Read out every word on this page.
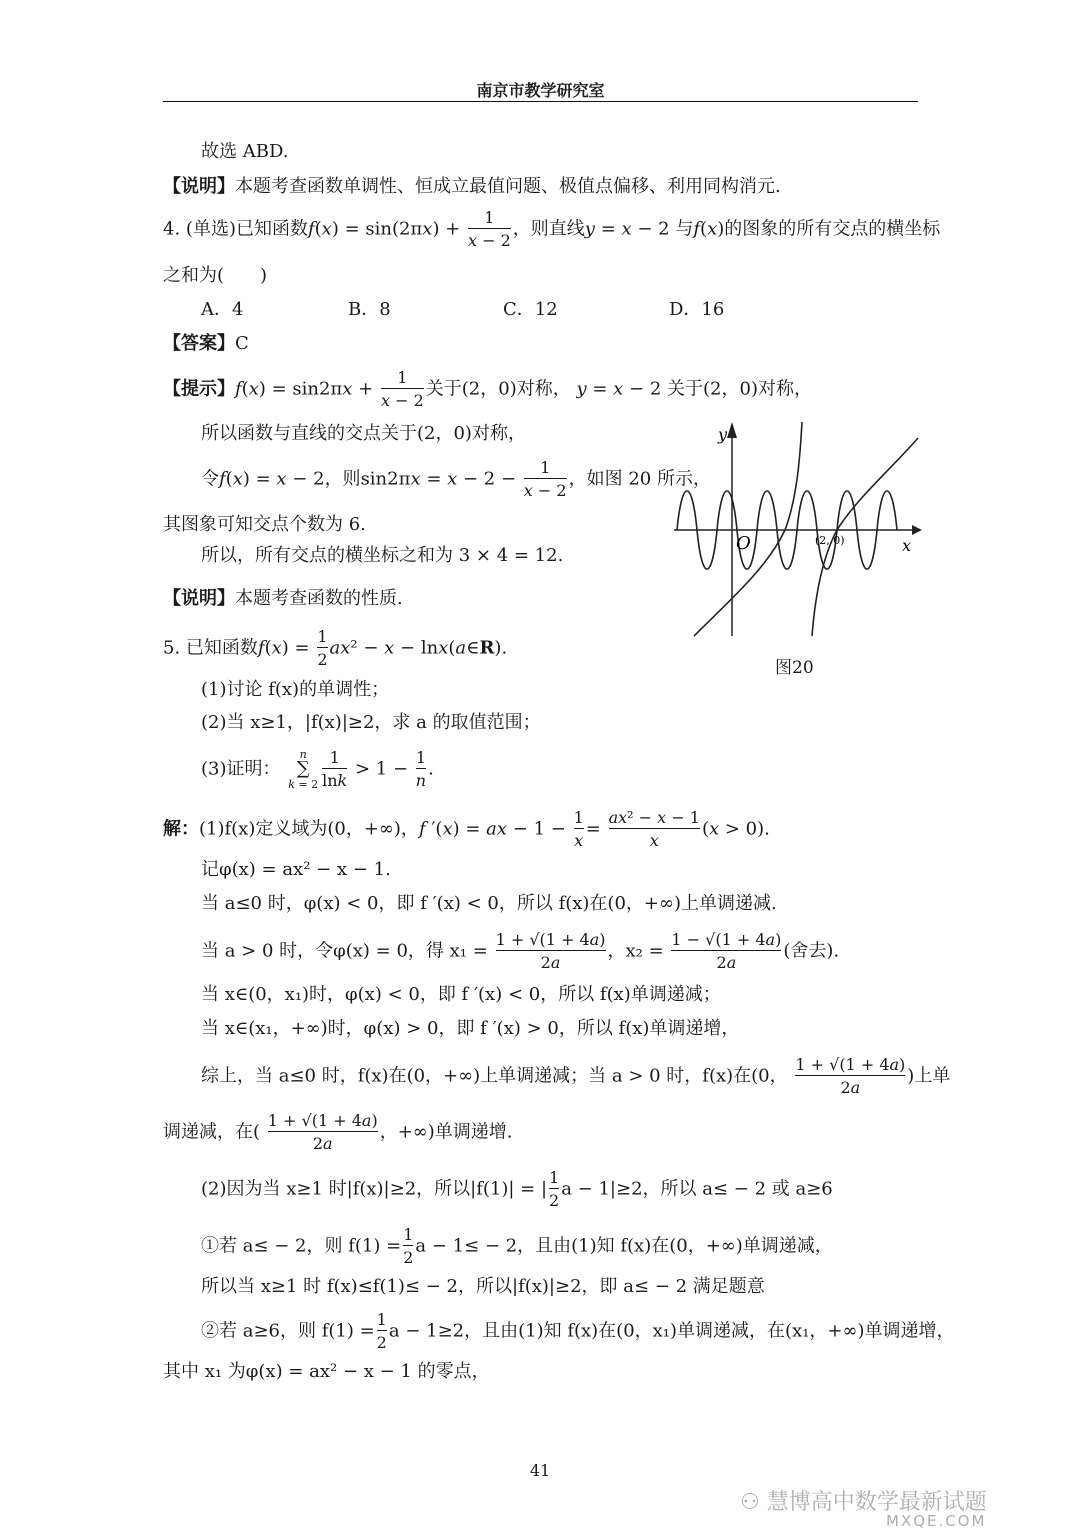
南京市教学研究室
故选 ABD.
【说明】本题考查函数单调性、恒成立最值问题、极值点偏移、利用同构消元.
4. (单选)已知函数$f(x) = \sin(2\pi x) + \frac{1}{x - 2}$ ，则直线y = x − 2 与f(x)的图象的所有交点的横坐标
之和为(　　)
A．4	B．8	C．12	D．16
【答案】C
【提示】$f(x) = \sin 2\pi x + \frac{1}{x - 2}$ 关于(2，0)对称， y = x − 2 关于(2，0)对称，
所以函数与直线的交点关于(2，0)对称，
令f(x) = x − 2，则$\sin 2\pi x = x - 2 - \frac{1}{x - 2}$ ，如图 20 所示，
其图象可知交点个数为 6.
所以，所有交点的横坐标之和为 3 × 4 = 12.
【说明】本题考查函数的性质.
y
x
O	(2, 0)
图20
5. 已知函数$f(x) = \frac{1}{2} ax^2 - x$ − lnx(a∈R).
(1)讨论 f(x)的单调性；
(2)当 x≥1，|f(x)|≥2，求 a 的取值范围；
(3)证明： n
∑
$k = 2 \frac{1}{\ln k} > 1 - \frac{1}{n}$ .
解：(1)f(x)定义域为(0，+∞)，f ′(x) = ax − $1 - \frac{1}{x} = \frac{\text{ax² − x − 1}}{x} (x > 0)$.
记φ(x) = ax² − x − 1.
当 a≤0 时，φ(x) < 0，即 f ′(x) < 0，所以 f(x)在(0，+∞)上单调递减.
当 a > 0 时，令φ(x) = 0，得 $x_1 = \frac{1 + √(1 + 4a)}{2a}$ ，$x_2 = \frac{1 - √(1 + 4a)}{2a}$ (舍去).
当 x∈(0，x₁)时，φ(x) < 0，即 f ′(x) < 0，所以 f(x)单调递减；
当 x∈(x₁，+∞)时，φ(x) > 0，即 f ′(x) > 0，所以 f(x)单调递增，
综上，当 a≤0 时，f(x)在(0，+∞)上单调递减；当 a > 0 时，f(x)在(0， $\frac{1 + √(1 + 4a)}{2a}$ )上单
调递减，在( $\frac{1 + √(1 + 4a)}{2a}$ ，+∞)单调递增.
(2)因为当 x≥1 时|f(x)|≥2，所以|f(1)| = | $\frac{1}{2}$ a − 1|≥2，所以 a≤ − 2 或 a≥6
①若 a≤ − 2，则 $f(1) = \frac{1}{2}$ a − 1≤ − 2，且由(1)知 f(x)在(0，+∞)单调递减，
所以当 x≥1 时 f(x)≤f(1)≤ − 2，所以|f(x)|≥2，即 a≤ − 2 满足题意
②若 a≥6，则 $f(1) = \frac{1}{2}$ a − 1≥2，且由(1)知 f(x)在(0，x₁)单调递减，在(x₁，+∞)单调递增，
其中 x₁ 为φ(x) = ax² − x − 1 的零点，
41
⚇ 慧博高中数学最新试题
MXQE.COM
